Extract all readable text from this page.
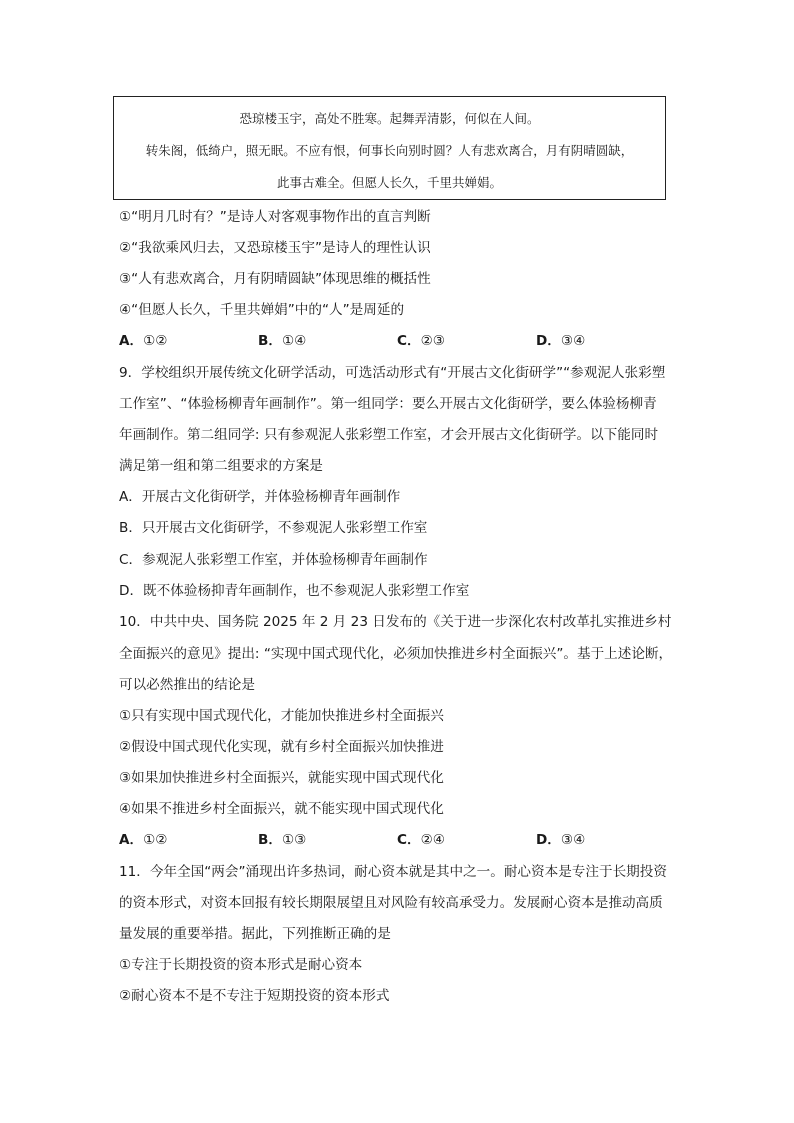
恐琼楼玉宇，高处不胜寒。起舞弄清影，何似在人间。
转朱阁，低绮户，照无眠。不应有恨，何事长向别时圆？人有悲欢离合，月有阴晴圆缺，
此事古难全。但愿人长久，千里共婵娟。
①“明月几时有？”是诗人对客观事物作出的直言判断
②“我欲乘风归去，又恐琼楼玉宇”是诗人的理性认识
③“人有悲欢离合，月有阴晴圆缺”体现思维的概括性
④“但愿人长久，千里共婵娟”中的“人”是周延的
A．①②	B．①④	C．②③	D．③④
9．学校组织开展传统文化研学活动，可选活动形式有“开展古文化街研学”“参观泥人张彩塑
工作室”、“体验杨柳青年画制作”。第一组同学：要么开展古文化街研学，要么体验杨柳青
年画制作。第二组同学: 只有参观泥人张彩塑工作室，才会开展古文化街研学。以下能同时
满足第一组和第二组要求的方案是
A．开展古文化街研学，并体验杨柳青年画制作
B．只开展古文化街研学，不参观泥人张彩塑工作室
C．参观泥人张彩塑工作室，并体验杨柳青年画制作
D．既不体验杨抑青年画制作，也不参观泥人张彩塑工作室
10．中共中央、国务院 2025 年 2 月 23 日发布的《关于进一步深化农村改革扎实推进乡村
全面振兴的意见》提出: “实现中国式现代化，必须加快推进乡村全面振兴”。基于上述论断，
可以必然推出的结论是
①只有实现中国式现代化，才能加快推进乡村全面振兴
②假设中国式现代化实现，就有乡村全面振兴加快推进
③如果加快推进乡村全面振兴，就能实现中国式现代化
④如果不推进乡村全面振兴，就不能实现中国式现代化
A．①②	B．①③	C．②④	D．③④
11．今年全国“两会”涌现出许多热词，耐心资本就是其中之一。耐心资本是专注于长期投资
的资本形式，对资本回报有较长期限展望且对风险有较高承受力。发展耐心资本是推动高质
量发展的重要举措。据此，下列推断正确的是
①专注于长期投资的资本形式是耐心资本
②耐心资本不是不专注于短期投资的资本形式
